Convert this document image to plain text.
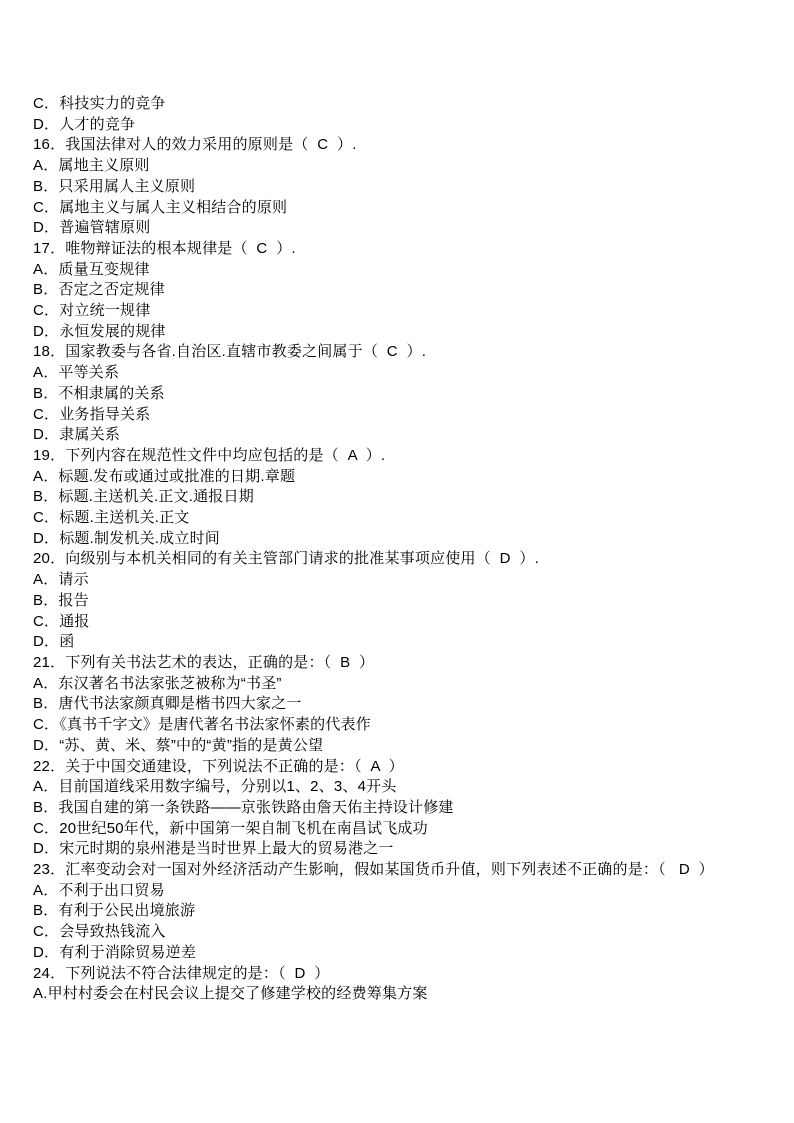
C．科技实力的竞争
D．人才的竞争
16．我国法律对人的效力采用的原则是（  C  ）.
A．属地主义原则
B．只采用属人主义原则
C．属地主义与属人主义相结合的原则
D．普遍管辖原则
17．唯物辩证法的根本规律是（  C  ）.
A．质量互变规律
B．否定之否定规律
C．对立统一规律
D．永恒发展的规律
18．国家教委与各省.自治区.直辖市教委之间属于（  C  ）.
A．平等关系
B．不相隶属的关系
C．业务指导关系
D．隶属关系
19．下列内容在规范性文件中均应包括的是（  A  ）.
A．标题.发布或通过或批准的日期.章题
B．标题.主送机关.正文.通报日期
C．标题.主送机关.正文
D．标题.制发机关.成立时间
20．向级别与本机关相同的有关主管部门请求的批准某事项应使用（  D  ）.
A．请示
B．报告
C．通报
D．函
21．下列有关书法艺术的表达，正确的是：（  B  ）
A．东汉著名书法家张芝被称为“书圣”
B．唐代书法家颜真卿是楷书四大家之一
C．《真书千字文》是唐代著名书法家怀素的代表作
D．“苏、黄、米、蔡”中的“黄”指的是黄公望
22．关于中国交通建设，下列说法不正确的是：（  A  ）
A．目前国道线采用数字编号，分别以1、2、3、4开头
B．我国自建的第一条铁路——京张铁路由詹天佑主持设计修建
C．20世纪50年代，新中国第一架自制飞机在南昌试飞成功
D．宋元时期的泉州港是当时世界上最大的贸易港之一
23．汇率变动会对一国对外经济活动产生影响，假如某国货币升值，则下列表述不正确的是：（   D  ）
A．不利于出口贸易
B．有利于公民出境旅游
C．会导致热钱流入
D．有利于消除贸易逆差
24．下列说法不符合法律规定的是：（  D  ）
A.甲村村委会在村民会议上提交了修建学校的经费筹集方案
